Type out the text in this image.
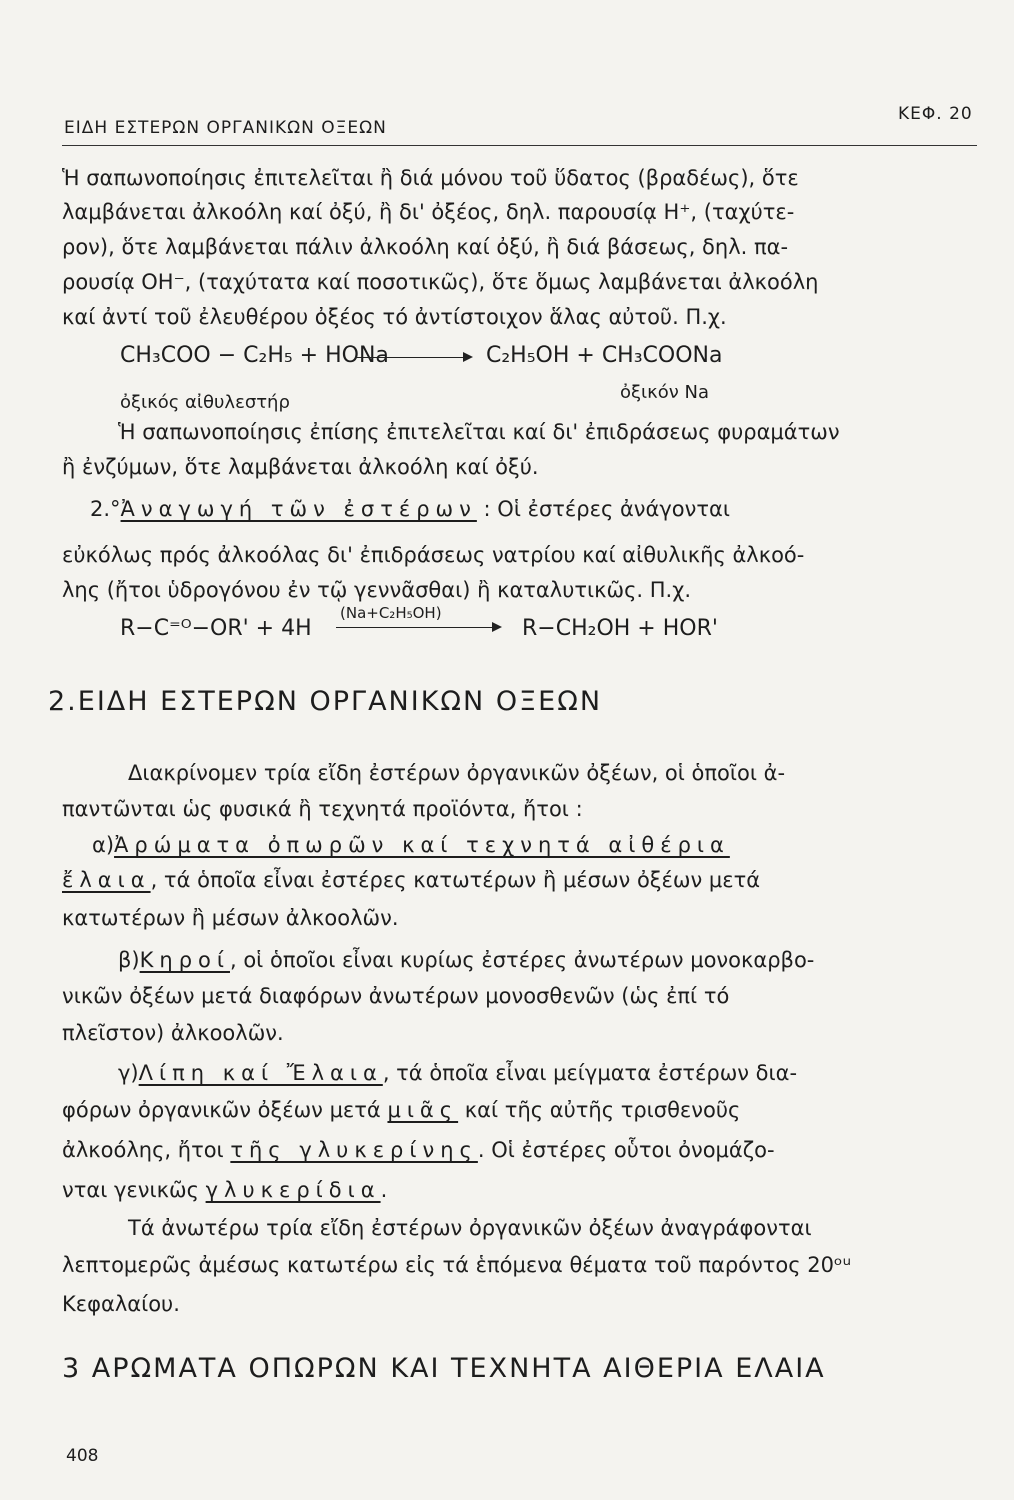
ΕΙΔΗ ΕΣΤΕΡΩΝ ΟΡΓΑΝΙΚΩΝ ΟΞΕΩΝ
ΚΕΦ. 20
Ἡ σαπωνοποίησις ἐπιτελεῖται ἢ διά μόνου τοῦ ὕδατος (βραδέως), ὅτε
λαμβάνεται ἀλκοόλη καί ὀξύ, ἢ δι' ὀξέος, δηλ. παρουσίᾳ H⁺, (ταχύτε-
ρον), ὅτε λαμβάνεται πάλιν ἀλκοόλη καί ὀξύ, ἢ διά βάσεως, δηλ. πα-
ρουσίᾳ OH⁻, (ταχύτατα καί ποσοτικῶς), ὅτε ὅμως λαμβάνεται ἀλκοόλη
καί ἀντί τοῦ ἐλευθέρου ὀξέος τό ἀντίστοιχον ἅλας αὐτοῦ. Π.χ.
CH₃COO − C₂H₅ + HONa	C₂H₅OH + CH₃COONa
ὀξικός αἰθυλεστήρ	ὀξικόν Na
Ἡ σαπωνοποίησις ἐπίσης ἐπιτελεῖται καί δι' ἐπιδράσεως φυραμάτων
ἢ ἐνζύμων, ὅτε λαμβάνεται ἀλκοόλη καί ὀξύ.
2.°Ἀναγωγή τῶν ἐστέρων : Οἱ ἐστέρες ἀνάγονται
εὐκόλως πρός ἀλκοόλας δι' ἐπιδράσεως νατρίου καί αἰθυλικῆς ἀλκοό-
λης (ἤτοι ὑδρογόνου ἐν τῷ γεννᾶσθαι) ἢ καταλυτικῶς. Π.χ.
R−C⁼ᴼ−OR' + 4H
(Na+C₂H₅OH)
R−CH₂OH + HOR'
2.ΕΙΔΗ ΕΣΤΕΡΩΝ ΟΡΓΑΝΙΚΩΝ ΟΞΕΩΝ
Διακρίνομεν τρία εἴδη ἐστέρων ὀργανικῶν ὀξέων, οἱ ὁποῖοι ἀ-
παντῶνται ὡς φυσικά ἢ τεχνητά προϊόντα, ἤτοι :
α)Ἀρώματα ὀπωρῶν καί τεχνητά αἰθέρια
ἔλαια, τά ὁποῖα εἶναι ἐστέρες κατωτέρων ἢ μέσων ὀξέων μετά
κατωτέρων ἢ μέσων ἀλκοολῶν.
β)Κηροί, οἱ ὁποῖοι εἶναι κυρίως ἐστέρες ἀνωτέρων μονοκαρβο-
νικῶν ὀξέων μετά διαφόρων ἀνωτέρων μονοσθενῶν (ὡς ἐπί τό
πλεῖστον) ἀλκοολῶν.
γ)Λίπη καί Ἔλαια, τά ὁποῖα εἶναι μείγματα ἐστέρων δια-
φόρων ὀργανικῶν ὀξέων μετά μιᾶς καί τῆς αὐτῆς τρισθενοῦς
ἀλκοόλης, ἤτοι τῆς γλυκερίνης. Οἱ ἐστέρες οὗτοι ὀνομάζο-
νται γενικῶς γλυκερίδια.
Τά ἀνωτέρω τρία εἴδη ἐστέρων ὀργανικῶν ὀξέων ἀναγράφονται
λεπτομερῶς ἀμέσως κατωτέρω εἰς τά ἑπόμενα θέματα τοῦ παρόντος 20ᵒᵘ
Κεφαλαίου.
3 ΑΡΩΜΑΤΑ ΟΠΩΡΩΝ ΚΑΙ ΤΕΧΝΗΤΑ ΑΙΘΕΡΙΑ ΕΛΑΙΑ
408
